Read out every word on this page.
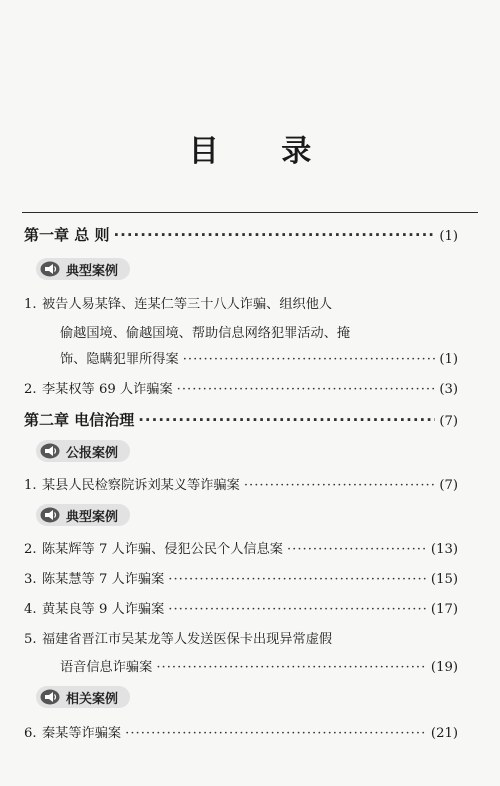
目 录
第一章 总 则 ·····	(1)
典型案例
1. 被告人易某锋、连某仁等三十八人诈骗、组织他人
偷越国境、偷越国境、帮助信息网络犯罪活动、掩
饰、隐瞒犯罪所得案 ·····	(1)
2. 李某权等 69 人诈骗案 ·····	(3)
第二章 电信治理 ·····	(7)
公报案例
1. 某县人民检察院诉刘某义等诈骗案 ·····	(7)
典型案例
2. 陈某辉等 7 人诈骗、侵犯公民个人信息案 ·····	(13)
3. 陈某慧等 7 人诈骗案 ·····	(15)
4. 黄某良等 9 人诈骗案 ·····	(17)
5. 福建省晋江市吴某龙等人发送医保卡出现异常虚假
语音信息诈骗案 ·····	(19)
相关案例
6. 秦某等诈骗案 ·····	(21)
